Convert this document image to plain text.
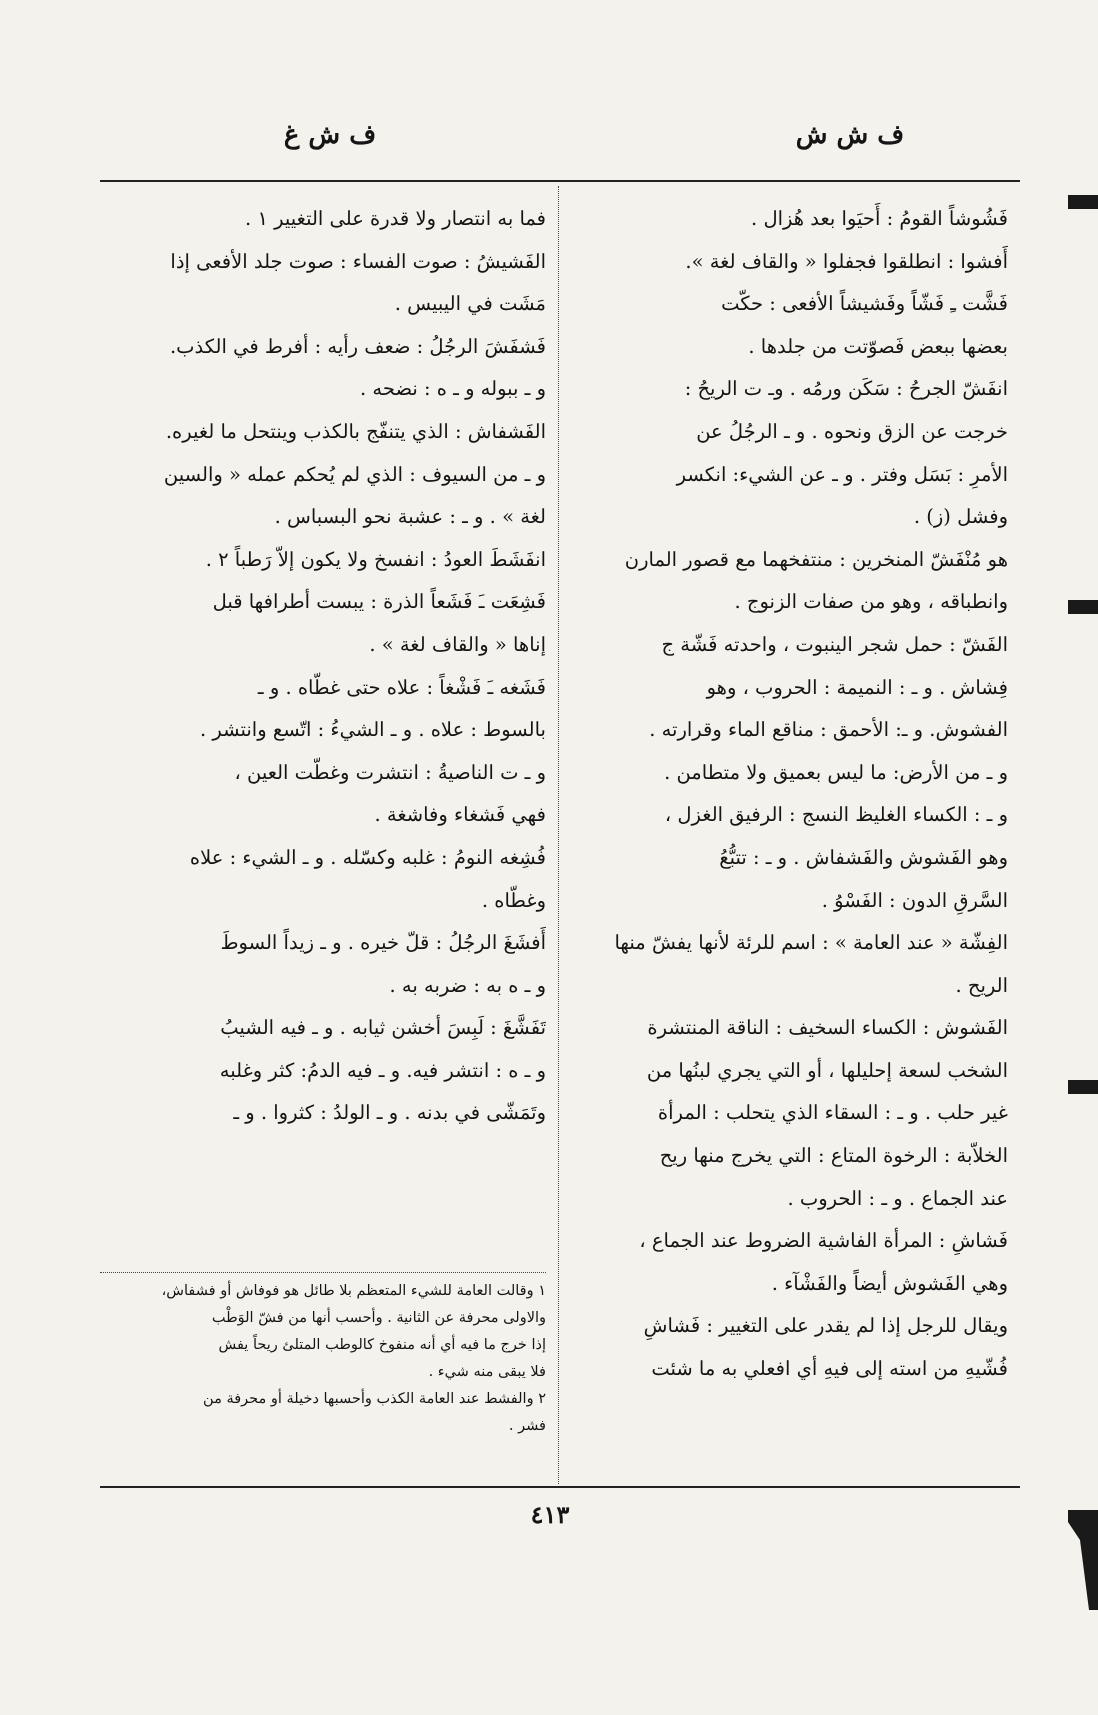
ف ش ش
ف ش غ
فَشُوشاً القومُ : أَحيَوا بعد هُزال .
أَفشوا : انطلقوا فجفلوا « والقاف لغة ».
فَشَّت ـِ فَشّاً وفَشيشاً الأفعى : حكّت
بعضها ببعض فَصوّتت من جلدها .
انفَشّ الجرحُ : سَكَن ورمُه . وـ ت الريحُ :
خرجت عن الزق ونحوه . و ـ الرجُلُ عن
الأمرِ : بَسَل وفتر . و ـ عن الشيء: انكسر
وفشل (ز) .
هو مُنْفَشّ المنخرين : منتفخهما مع قصور المارن
وانطباقه ، وهو من صفات الزنوج .
الفَشّ : حمل شجر الينبوت ، واحدته فَشّة ج
فِشاش . و ـ : النميمة : الحروب ، وهو
الفشوش. و ـ: الأحمق : مناقع الماء وقرارته .
و ـ من الأرض: ما ليس بعميق ولا متطامن .
و ـ : الكساء الغليظ النسج : الرفيق الغزل ،
وهو الفَشوش والفَشفاش . و ـ : تتبُّعُ
السَّرقِ الدون : الفَسْوُ .
الفِشّة « عند العامة » : اسم للرئة لأنها يفشّ منها
الريح .
الفَشوش : الكساء السخيف : الناقة المنتشرة
الشخب لسعة إحليلها ، أو التي يجري لبنُها من
غير حلب . و ـ : السقاء الذي يتحلب : المرأة
الخلاّبة : الرخوة المتاع : التي يخرج منها ريح
عند الجماع . و ـ : الحروب .
فَشاشِ : المرأة الفاشية الضروط عند الجماع ،
وهي الفَشوش أيضاً والفَشْآء .
ويقال للرجل إذا لم يقدر على التغيير : فَشاشِ
فُشّيهِ من استه إلى فيهِ أي افعلي به ما شئت
فما به انتصار ولا قدرة على التغيير ١ .
الفَشيشُ : صوت الفساء : صوت جلد الأفعى إذا
مَشَت في اليبيس .
فَشفَشَ الرجُلُ : ضعف رأيه : أفرط في الكذب.
و ـ ببوله و ـ ه : نضحه .
الفَشفاش : الذي يتنفّج بالكذب وينتحل ما لغيره.
و ـ من السيوف : الذي لم يُحكم عمله « والسين
لغة » . و ـ : عشبة نحو البسباس .
انفَشَطَ العودُ : انفسخ ولا يكون إلاّ رَطباً ٢ .
فَشِعَت ـَ فَشَعاً الذرة : يبست أطرافها قبل
إناها « والقاف لغة » .
فَشَغه ـَ فَشْغاً : علاه حتى غطّاه . و ـ
بالسوط : علاه . و ـ الشيءُ : اتّسع وانتشر .
و ـ ت الناصيةُ : انتشرت وغطّت العين ،
فهي فَشغاء وفاشغة .
فُشِغه النومُ : غلبه وكسّله . و ـ الشيء : علاه
وغطّاه .
أَفشَغَ الرجُلُ : قلّ خيره . و ـ زيداً السوطَ
و ـ ه به : ضربه به .
تَفَشَّغَ : لَبِسَ أخشن ثيابه . و ـ فيه الشيبُ
و ـ ه : انتشر فيه. و ـ فيه الدمُ: كثر وغلبه
وتَمَشّى في بدنه . و ـ الولدُ : كثروا . و ـ
١ وقالت العامة للشيء المتعظم بلا طائل هو فوفاش أو فشفاش،
والاولى محرفة عن الثانية . وأحسب أنها من فشّ الوَطْب
إذا خرج ما فيه أي أنه منفوخ كالوطب المتلئ ريحاً يفش
فلا يبقى منه شيء .
٢ والفشط عند العامة الكذب وأحسبها دخيلة أو محرفة من
فشر .
٤١٣
